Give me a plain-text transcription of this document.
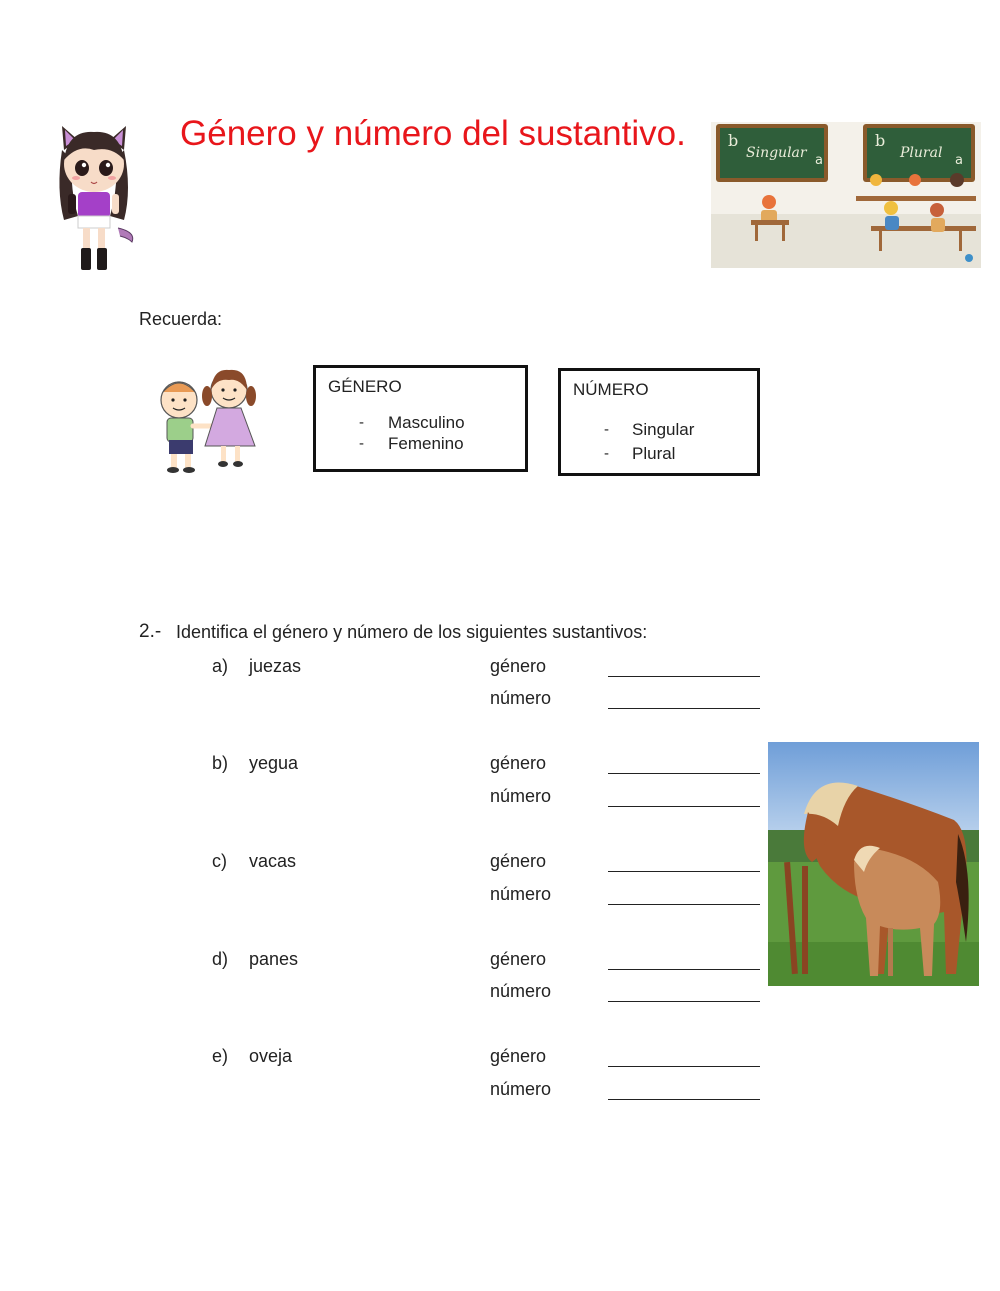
Género y número del sustantivo.	b
a
b
a
Singular	Plural
Recuerda:
GÉNERO
- Masculino
- Femenino
NÚMERO
- Singular
- Plural
2.- Identifica el género y número de los siguientes sustantivos:
a) juezas	género
número
b) yegua	género
número
c) vacas	género
número
d) panes	género
número
e) oveja	género
número
